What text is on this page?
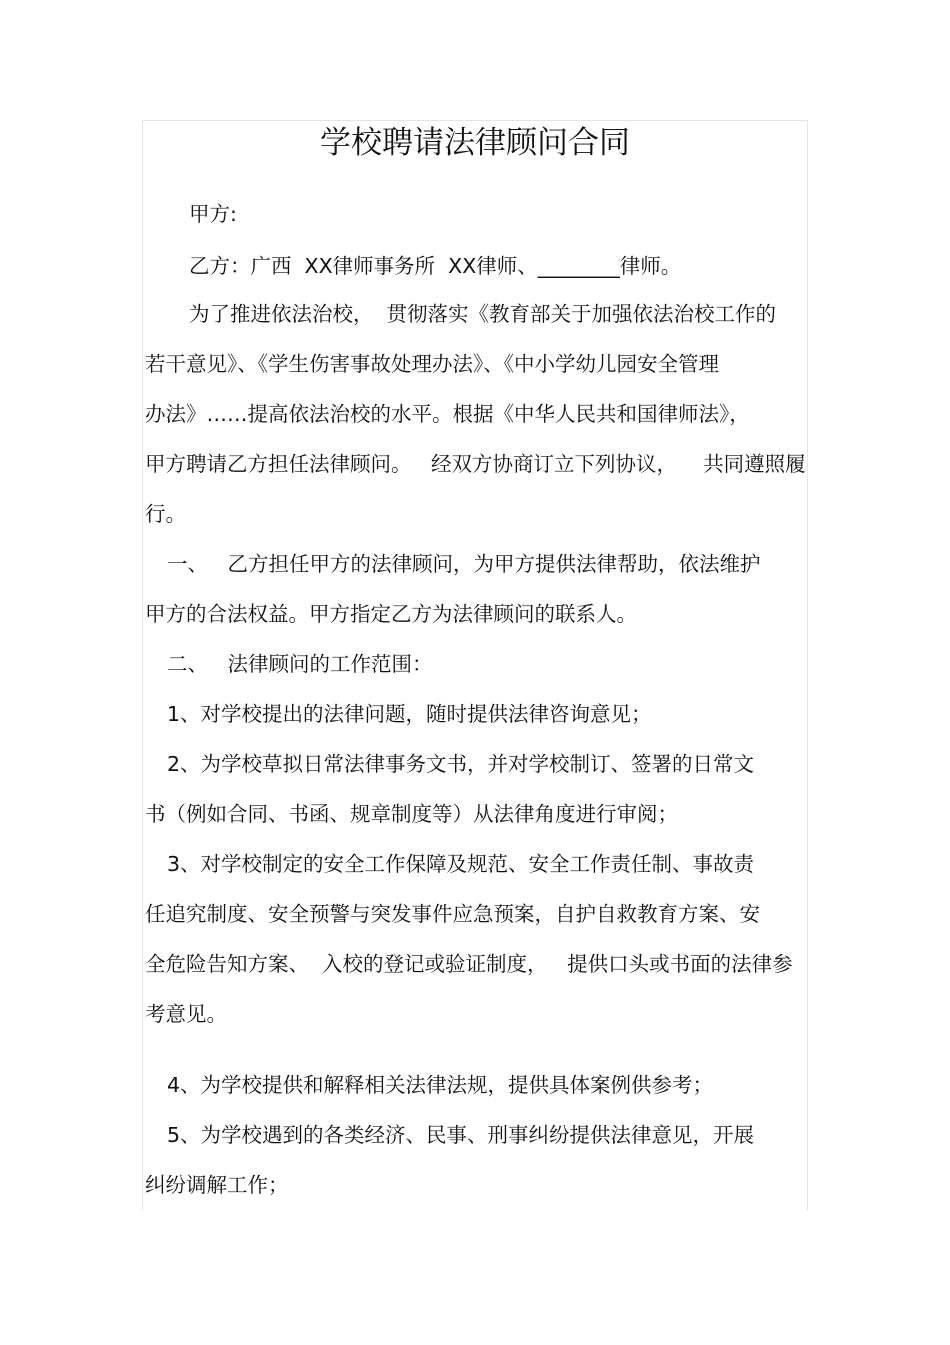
学校聘请法律顾问合同
甲方:
乙方：广西  XX律师事务所  XX律师、________律师。
为了推进依法治校，  贯彻落实《教育部关于加强依法治校工作的
若干意见》、《学生伤害事故处理办法》、《中小学幼儿园安全管理
办法》……提高依法治校的水平。根据《中华人民共和国律师法》，
甲方聘请乙方担任法律顾问。   经双方协商订立下列协议，    共同遵照履
行。
一、   乙方担任甲方的法律顾问，为甲方提供法律帮助，依法维护
甲方的合法权益。甲方指定乙方为法律顾问的联系人。
二、   法律顾问的工作范围：
1、对学校提出的法律问题，随时提供法律咨询意见；
2、为学校草拟日常法律事务文书，并对学校制订、签署的日常文
书（例如合同、书函、规章制度等）从法律角度进行审阅；
3、对学校制定的安全工作保障及规范、安全工作责任制、事故责
任追究制度、安全预警与突发事件应急预案，自护自救教育方案、安
全危险告知方案、  入校的登记或验证制度，   提供口头或书面的法律参
考意见。
4、为学校提供和解释相关法律法规，提供具体案例供参考；
5、为学校遇到的各类经济、民事、刑事纠纷提供法律意见，开展
纠纷调解工作；
